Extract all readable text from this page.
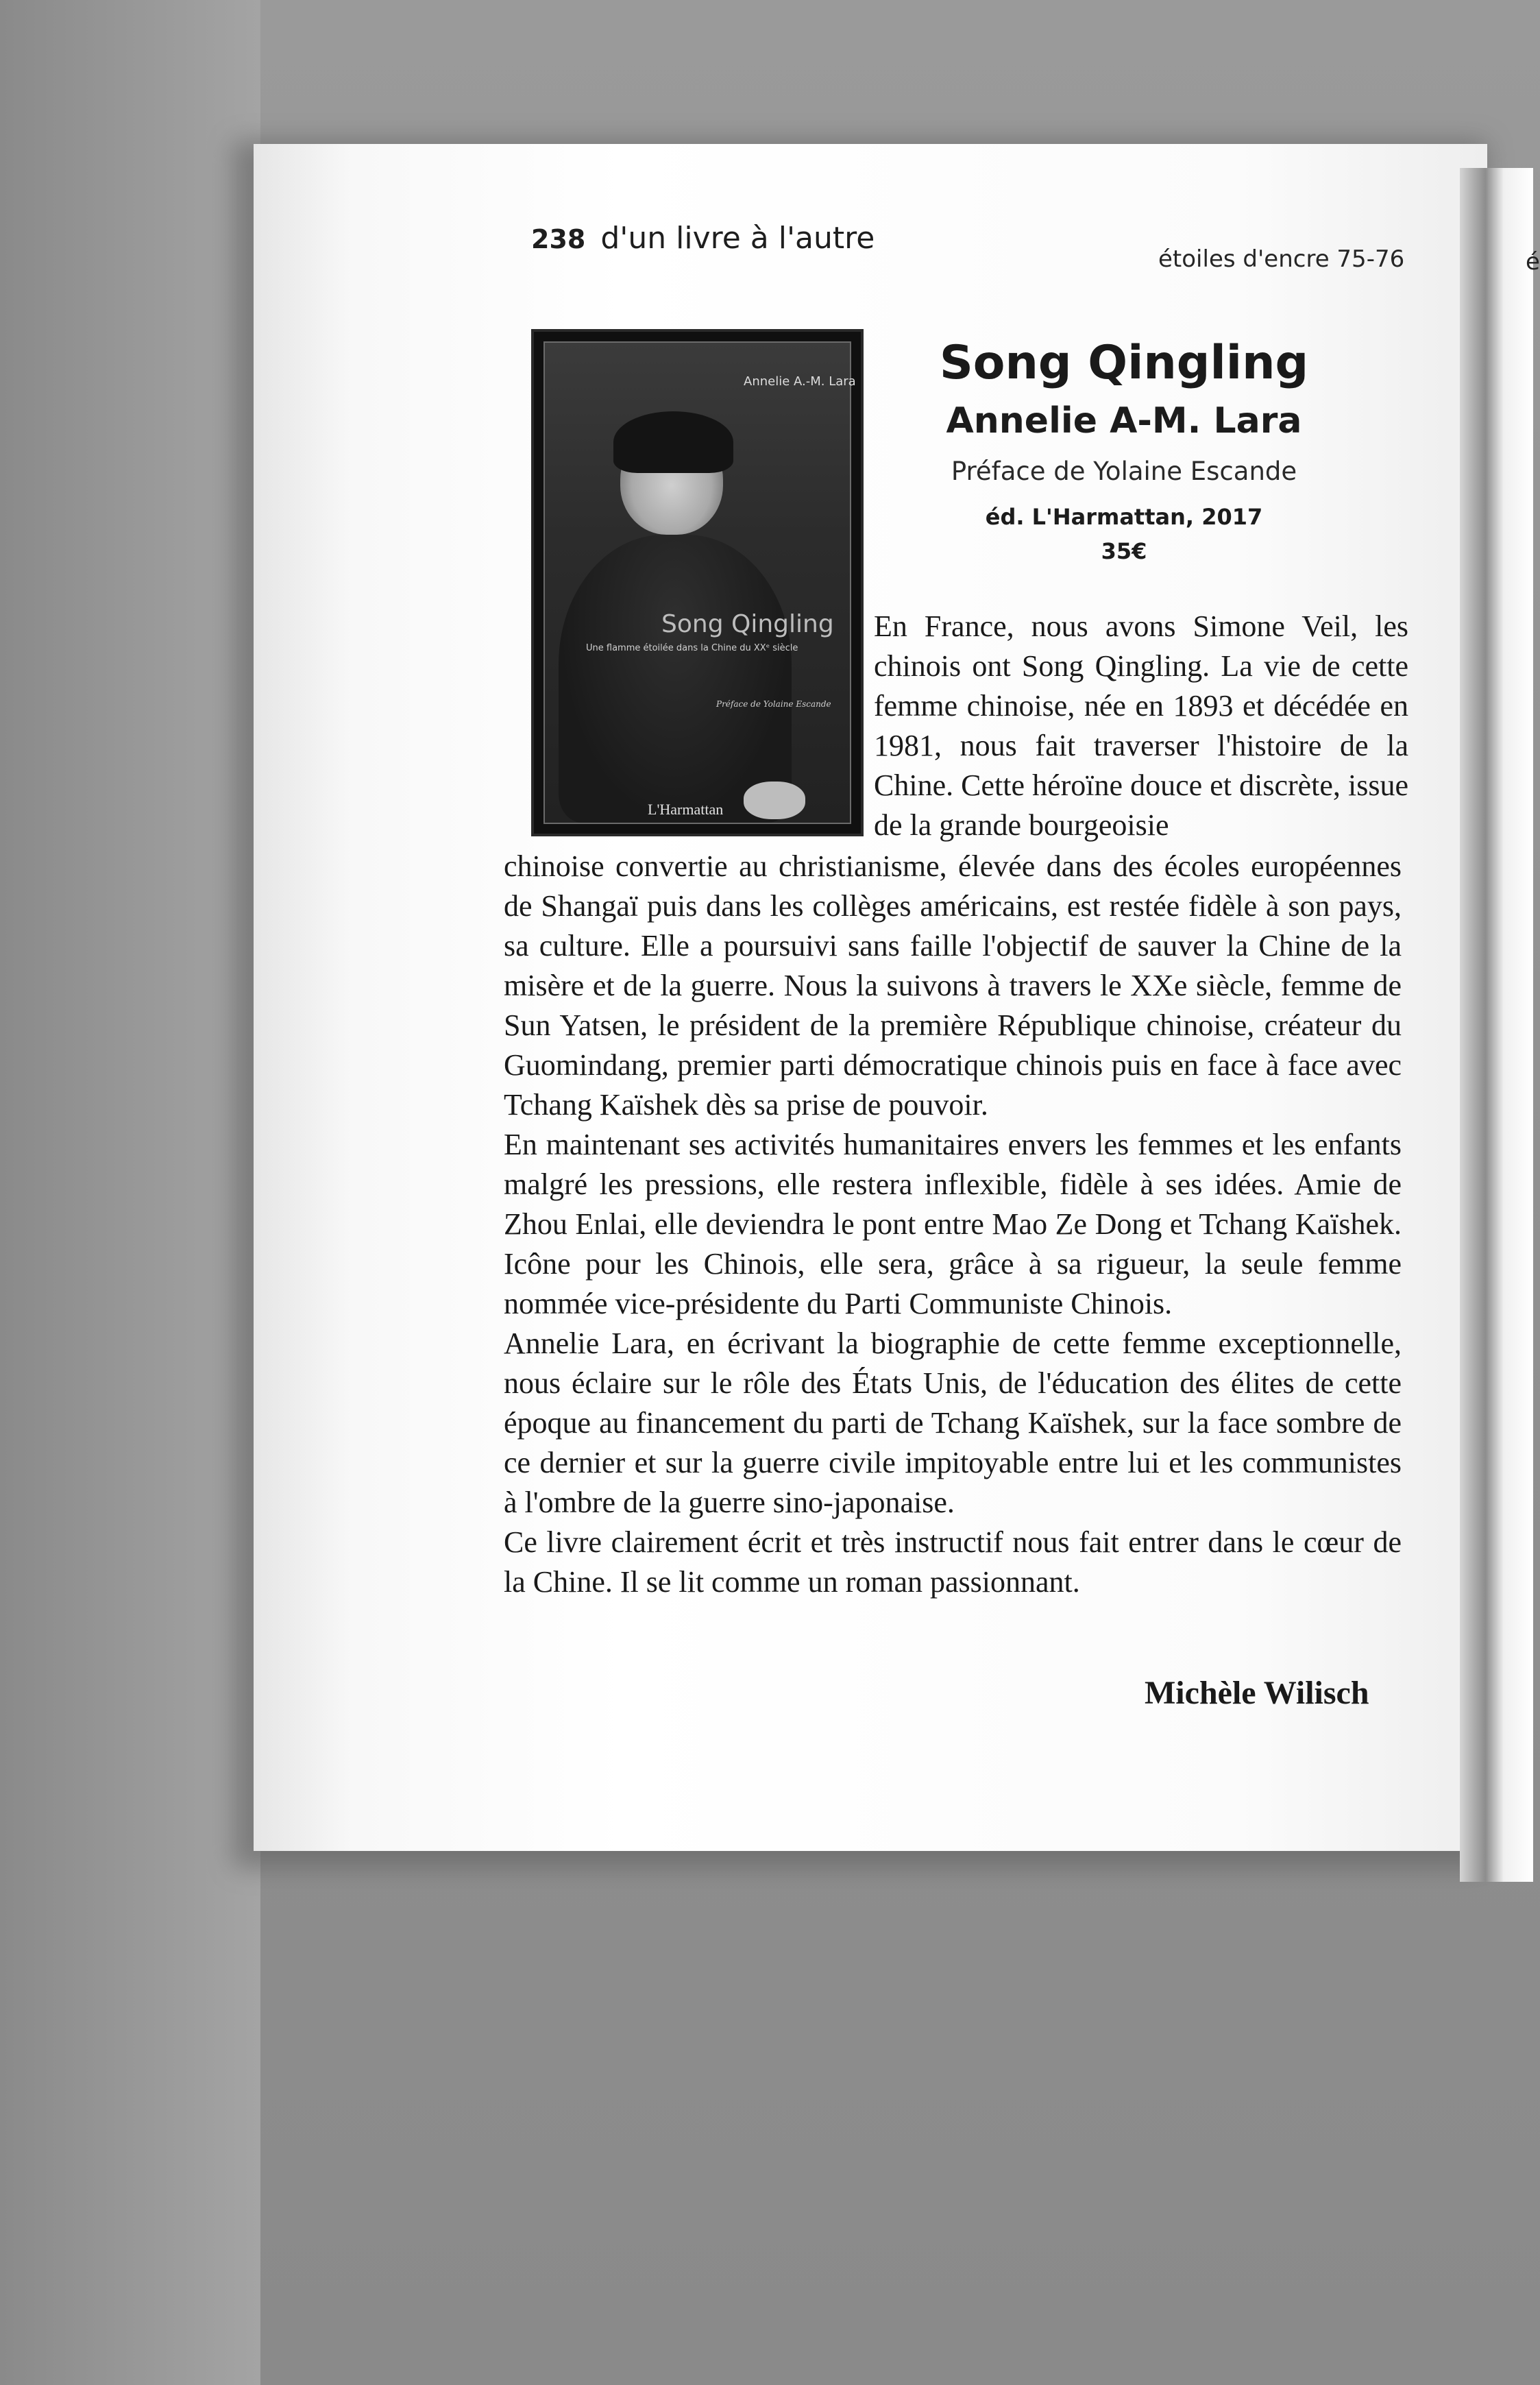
é
238 d'un livre à l'autre
étoiles d'encre 75-76
Annelie A.-M. Lara
Song Qingling
Une flamme étoilée dans la Chine du XXᵉ siècle
Préface de Yolaine Escande
L'Harmattan
Song Qingling
Annelie A-M. Lara
Préface de Yolaine Escande
éd. L'Harmattan, 2017
35€

En France, nous avons Simone Veil, les chinois ont Song Qingling. La vie de cette femme chinoise, née en 1893 et décédée en 1981, nous fait traverser l'histoire de la Chine. Cette héroïne douce et discrète, issue de la grande bourgeoisie

chinoise convertie au christianisme, élevée dans des écoles européennes de Shangaï puis dans les collèges américains, est restée fidèle à son pays, sa culture. Elle a poursuivi sans faille l'objectif de sauver la Chine de la misère et de la guerre. Nous la suivons à travers le XXe siècle, femme de Sun Yatsen, le président de la première République chinoise, créateur du Guomindang, premier parti démocratique chinois puis en face à face avec Tchang Kaïshek dès sa prise de pouvoir.

En maintenant ses activités humanitaires envers les femmes et les enfants malgré les pressions, elle restera inflexible, fidèle à ses idées. Amie de Zhou Enlai, elle deviendra le pont entre Mao Ze Dong et Tchang Kaïshek. Icône pour les Chinois, elle sera, grâce à sa rigueur, la seule femme nommée vice-présidente du Parti Communiste Chinois.

Annelie Lara, en écrivant la biographie de cette femme exceptionnelle, nous éclaire sur le rôle des États Unis, de l'éducation des élites de cette époque au financement du parti de Tchang Kaïshek, sur la face sombre de ce dernier et sur la guerre civile impitoyable entre lui et les communistes à l'ombre de la guerre sino-japonaise.

Ce livre clairement écrit et très instructif nous fait entrer dans le cœur de la Chine. Il se lit comme un roman passionnant.

Michèle Wilisch
